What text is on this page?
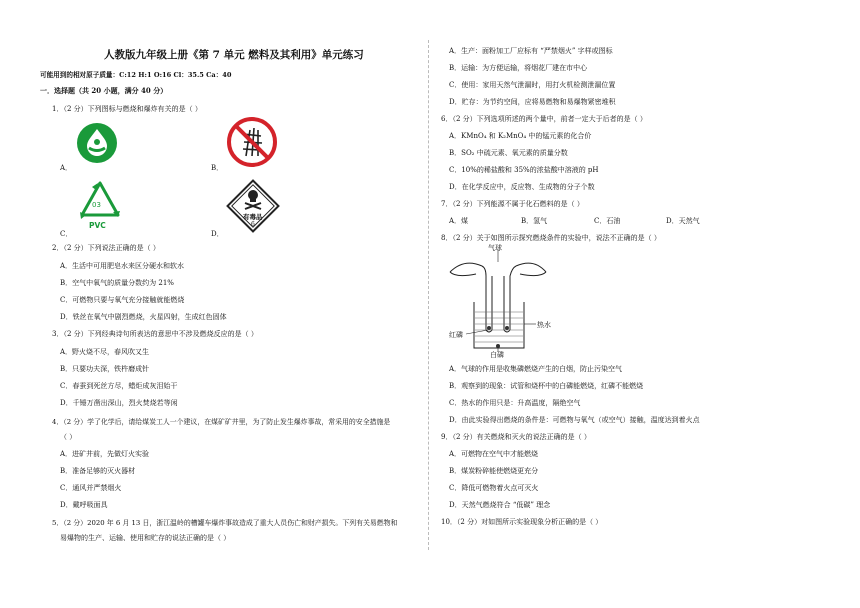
人教版九年级上册《第 7 单元 燃料及其利用》单元练习
可能用到的相对原子质量：C:12 H:1 O:16 Cl：35.5 Ca：40
一．选择题（共 20 小题，满分 40 分）
1．（2 分）下列图标与燃烧和爆炸有关的是（ ）
A．	B．
C．
03
PVC
D．
有毒品
6
2．（2 分）下列说法正确的是（ ）
A．生活中可用肥皂水来区分硬水和软水
B．空气中氧气的质量分数约为 21%
C．可燃物只要与氧气充分接触就能燃烧
D．铁丝在氧气中剧烈燃烧，火星四射，生成红色固体
3．（2 分）下列经典诗句所表达的意思中不涉及燃烧反应的是（ ）
A．野火烧不尽，春风吹又生
B．只要功夫深，铁杵磨成针
C．春蚕到死丝方尽，蜡炬成灰泪始干
D．千锤万凿出深山，烈火焚烧若等闲
4．（2 分）学了化学后，请给煤炭工人一个建议，在煤矿矿井里，为了防止发生爆炸事故，常采用的安全措施是
（ ）
A．进矿井前，先做灯火实验
B．准备足够的灭火器材
C．通风并严禁烟火
D．戴呼吸面具
5．（2 分）2020 年 6 月 13 日，浙江温岭的槽罐车爆炸事故造成了重大人员伤亡和财产损失。下列有关易燃物和
易爆物的生产、运输、使用和贮存的说法正确的是（ ）
A．生产：面粉加工厂应标有 “严禁烟火” 字样或图标
B．运输：为方便运输，将烟花厂建在市中心
C．使用：家用天然气泄漏时，用打火机检测泄漏位置
D．贮存：为节约空间，应将易燃物和易爆物紧密堆积
6．（2 分）下列选项所述的两个量中，前者一定大于后者的是（ ）
A．KMnO₄ 和 K₂MnO₄ 中的锰元素的化合价
B．SO₂ 中硫元素、氧元素的质量分数
C．10%的稀盐酸和 35%的浓盐酸中溶液的 pH
D．在化学反应中，反应物、生成物的分子个数
7．（2 分）下列能源不属于化石燃料的是（ ）
A．煤	B．氢气	C．石油	D．天然气
8．（2 分）关于如图所示探究燃烧条件的实验中，说法不正确的是（ ）
气球
热水
红磷
白磷
A．气球的作用是收集磷燃烧产生的白烟，防止污染空气
B．观察到的现象：试管和烧杯中的白磷能燃烧，红磷不能燃烧
C．热水的作用只是：升高温度，隔绝空气
D．由此实验得出燃烧的条件是：可燃物与氧气（或空气）接触，温度达到着火点
9．（2 分）有关燃烧和灭火的说法正确的是（ ）
A．可燃物在空气中才能燃烧
B．煤炭粉碎能使燃烧更充分
C．降低可燃物着火点可灭火
D．天然气燃烧符合 “低碳” 理念
10．（2 分）对如图所示实验现象分析正确的是（ ）
